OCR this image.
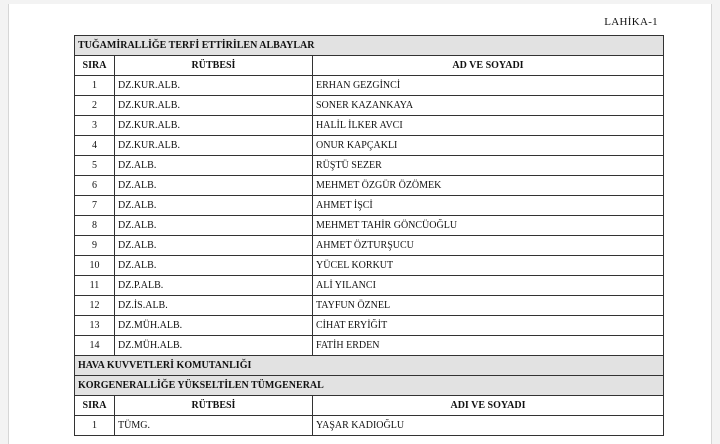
LAHİKA-1
TUĞAMİRALLİĞE TERFİ ETTİRİLEN ALBAYLAR		
SIRA	RÜTBESİ	AD VE SOYADI
1	DZ.KUR.ALB.	ERHAN GEZGİNCİ
2	DZ.KUR.ALB.	SONER KAZANKAYA
3	DZ.KUR.ALB.	HALİL İLKER AVCI
4	DZ.KUR.ALB.	ONUR KAPÇAKLI
5	DZ.ALB.	RÜŞTÜ SEZER
6	DZ.ALB.	MEHMET ÖZGÜR ÖZÖMEK
7	DZ.ALB.	AHMET İŞCİ
8	DZ.ALB.	MEHMET TAHİR GÖNCÜOĞLU
9	DZ.ALB.	AHMET ÖZTURŞUCU
10	DZ.ALB.	YÜCEL KORKUT
11	DZ.P.ALB.	ALİ YILANCI
12	DZ.İS.ALB.	TAYFUN ÖZNEL
13	DZ.MÜH.ALB.	CİHAT ERYİĞİT
14	DZ.MÜH.ALB.	FATİH ERDEN
HAVA KUVVETLERİ KOMUTANLIĞI		
KORGENERALLİĞE YÜKSELTİLEN TÜMGENERAL		
SIRA	RÜTBESİ	ADI VE SOYADI
1	TÜMG.	YAŞAR KADIOĞLU
